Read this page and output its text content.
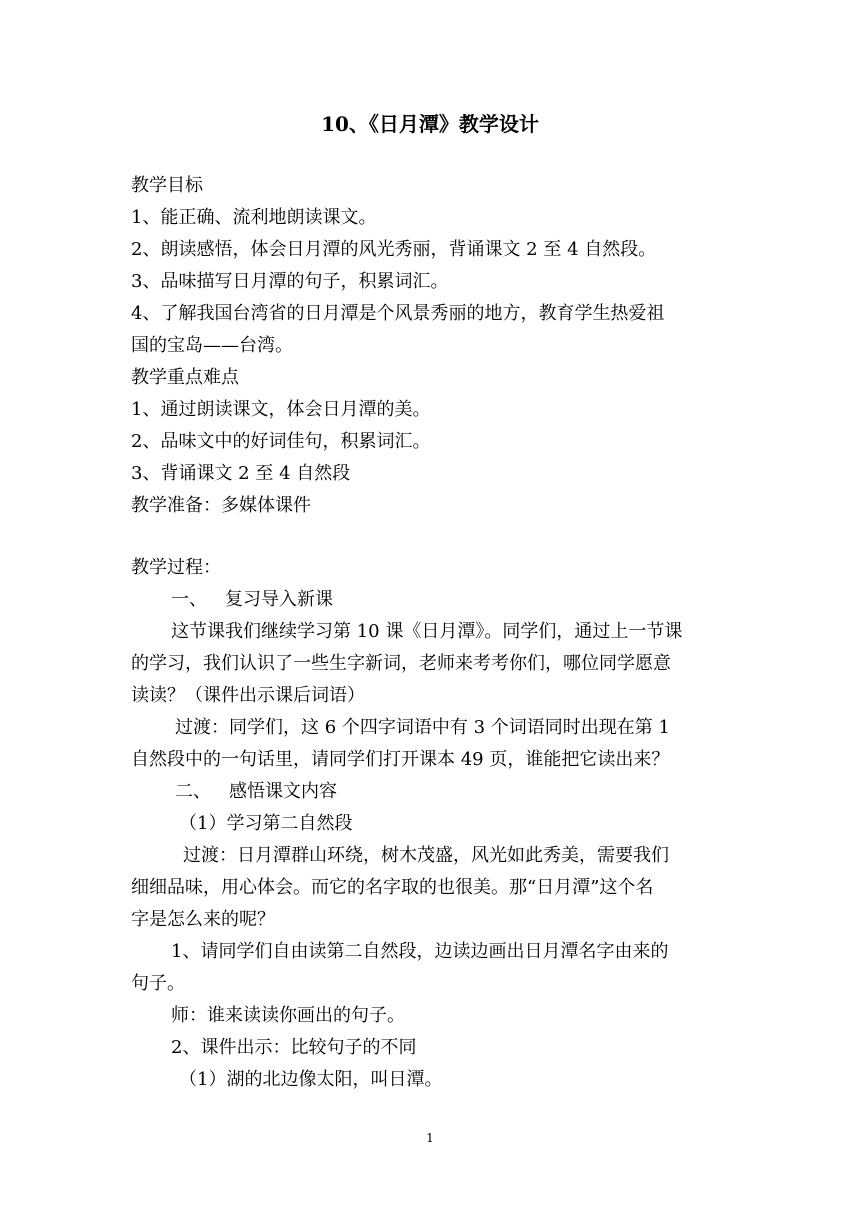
10、《日月潭》教学设计
教学目标
1、能正确、流利地朗读课文。
2、朗读感悟，体会日月潭的风光秀丽，背诵课文 2 至 4 自然段。
3、品味描写日月潭的句子，积累词汇。
4、了解我国台湾省的日月潭是个风景秀丽的地方，教育学生热爱祖
国的宝岛——台湾。
教学重点难点
1、通过朗读课文，体会日月潭的美。
2、品味文中的好词佳句，积累词汇。
3、背诵课文 2 至 4 自然段
教学准备：多媒体课件
教学过程：
一、 复习导入新课
这节课我们继续学习第 10 课《日月潭》。同学们，通过上一节课
的学习，我们认识了一些生字新词，老师来考考你们，哪位同学愿意
读读？（课件出示课后词语）
过渡：同学们，这 6 个四字词语中有 3 个词语同时出现在第 1
自然段中的一句话里，请同学们打开课本 49 页，谁能把它读出来？
二、 感悟课文内容
（1）学习第二自然段
过渡：日月潭群山环绕，树木茂盛，风光如此秀美，需要我们
细细品味，用心体会。而它的名字取的也很美。那“日月潭”这个名
字是怎么来的呢？
1、请同学们自由读第二自然段，边读边画出日月潭名字由来的
句子。
师：谁来读读你画出的句子。
2、课件出示：比较句子的不同
（1）湖的北边像太阳，叫日潭。
1
